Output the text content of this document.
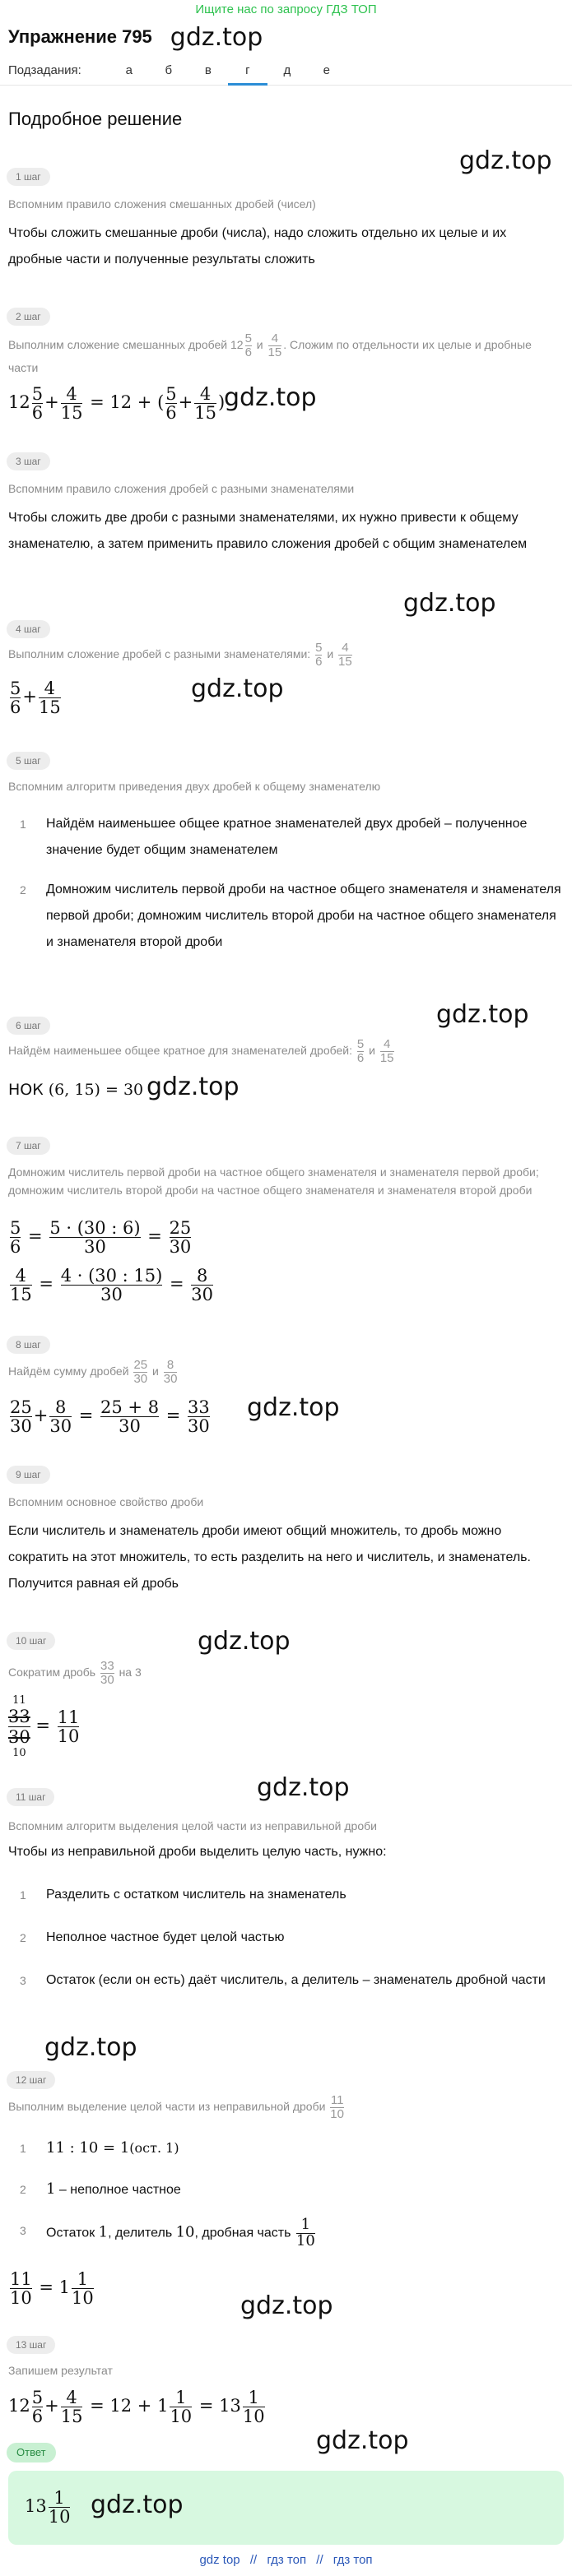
Ищите нас по запросу ГДЗ ТОП
Упражнение 795 gdz.top
Подзадания:	а	б	в	г	д	е
Подробное решение
gdz.top
gdz.top
gdz.top
gdz.top
gdz.top
gdz.top
gdz.top
gdz.top
gdz.top
gdz.top
gdz.top
gdz.top
1 шаг
Вспомним правило сложения смешанных дробей (чисел)
Чтобы сложить смешанные дроби (числа), надо сложить отдельно их целые и их дробные части и полученные результаты сложить
2 шаг
Выполним сложение смешанных дробей $12 \frac{5}{6}$ и $\frac{4}{15}$ . Сложим по отдельности их целые и дробные части
$12 \frac{5}{6} + \frac{4}{15} = 12$ + ( $\frac{5}{6} + \frac{4}{15}$ )
3 шаг
Вспомним правило сложения дробей с разными знаменателями
Чтобы сложить две дроби с разными знаменателями, их нужно привести к общему знаменателю, а затем применить правило сложения дробей с общим знаменателем
4 шаг
Выполним сложение дробей с разными знаменателями: $\frac{5}{6}$ и $\frac{4}{15}$
$\frac{5}{6} + \frac{4}{15}$
5 шаг
Вспомним алгоритм приведения двух дробей к общему знаменателю
1 Найдём наименьшее общее кратное знаменателей двух дробей – полученное значение будет общим знаменателем
2 Домножим числитель первой дроби на частное общего знаменателя и знаменателя первой дроби; домножим числитель второй дроби на частное общего знаменателя и знаменателя второй дроби
6 шаг
Найдём наименьшее общее кратное для знаменателей дробей: $\frac{5}{6}$ и $\frac{4}{15}$
НОК (6, 15) = 30
7 шаг
Домножим числитель первой дроби на частное общего знаменателя и знаменателя первой дроби; домножим числитель второй дроби на частное общего знаменателя и знаменателя второй дроби
$\frac{5}{6} = \frac{5 \cdot (30 : 6)}{30} = \frac{25}{30}$
$\frac{4}{15} = \frac{4 \cdot (30 : 15)}{30} = \frac{8}{30}$
8 шаг
Найдём сумму дробей $\frac{25}{30}$ и $\frac{8}{30}$
$\frac{25}{30} + \frac{8}{30} = \frac{25 + 8}{30} = \frac{33}{30}$
9 шаг
Вспомним основное свойство дроби
Если числитель и знаменатель дроби имеют общий множитель, то дробь можно сократить на этот множитель, то есть разделить на него и числитель, и знаменатель. Получится равная ей дробь
10 шаг
Сократим дробь $\frac{33}{30}$ на 3
11
33
30
10
= $\frac{11}{10}$
11 шаг
Вспомним алгоритм выделения целой части из неправильной дроби
Чтобы из неправильной дроби выделить целую часть, нужно:
1 Разделить с остатком числитель на знаменатель
2 Неполное частное будет целой частью
3 Остаток (если он есть) даёт числитель, а делитель – знаменатель дробной части
12 шаг
Выполним выделение целой части из неправильной дроби $\frac{11}{10}$
1 11 : 10 = 1(ост. 1)
2 1 – неполное частное
3 Остаток 1, делитель 10, дробная часть $\frac{1}{10}$
$\frac{11}{10} = 1 \frac{1}{10}$
13 шаг
Запишем результат
$12 \frac{5}{6} + \frac{4}{15} = 12 + 1 \frac{1}{10} = 13 \frac{1}{10}$
Ответ
$13 \frac{1}{10} gdz.top$
gdz top // гдз топ // гдз топ
